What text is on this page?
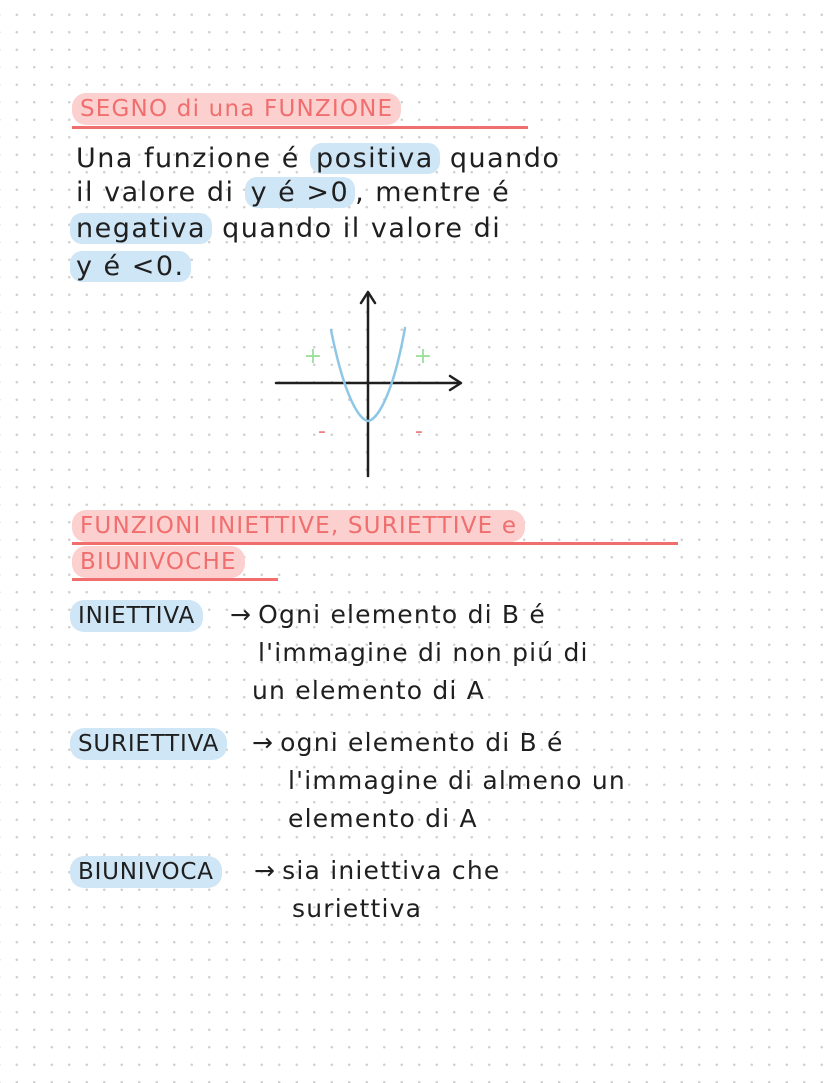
SEGNO di una FUNZIONE
Una funzione é positiva quando
il valore di y é >0 , mentre é
negativa quando il valore di
y é <0.
+	+
-	-
FUNZIONI INIETTIVE, SURIETTIVE e
BIUNIVOCHE
INIETTIVA	→ Ogni elemento di B é
l'immagine di non piú di
un elemento di A
SURIETTIVA	→ ogni elemento di B é
l'immagine di almeno un
elemento di A
BIUNIVOCA	→ sia iniettiva che
suriettiva
